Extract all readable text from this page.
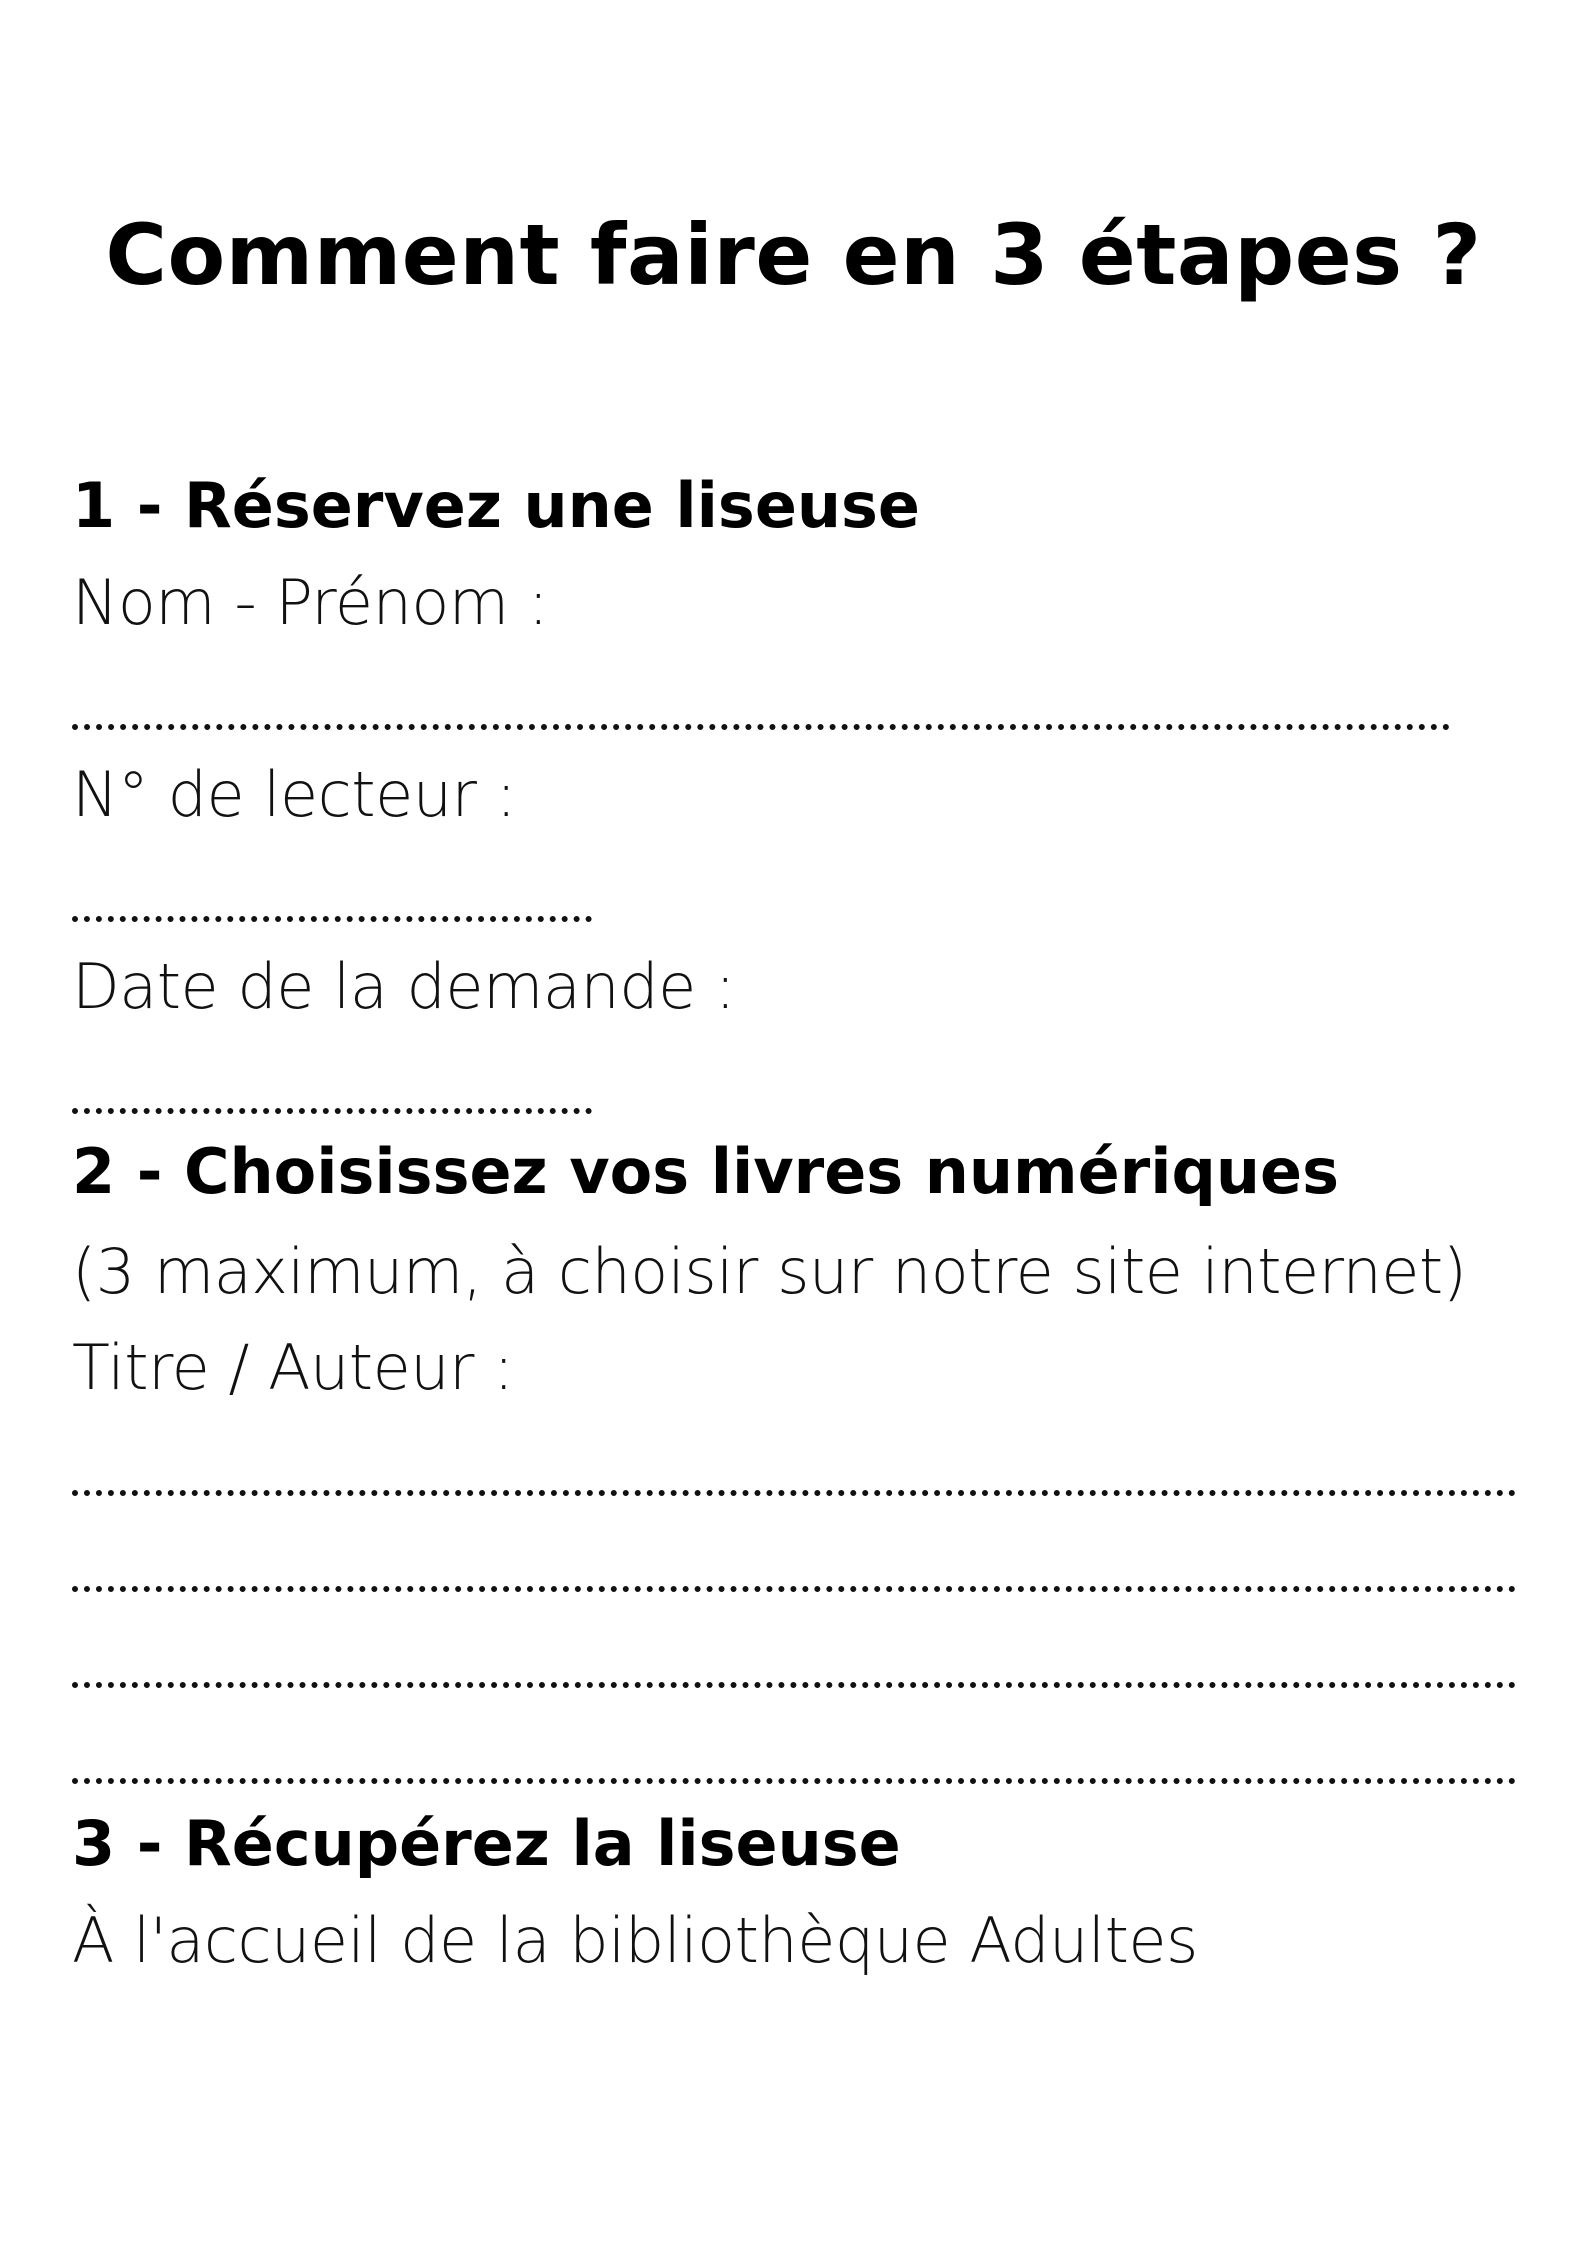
Comment faire en 3 étapes ?
1 - Réservez une liseuse
Nom - Prénom :
N° de lecteur :
Date de la demande :
2 - Choisissez vos livres numériques
(3 maximum, à choisir sur notre site internet)
Titre / Auteur :
3 - Récupérez la liseuse
À l'accueil de la bibliothèque Adultes
